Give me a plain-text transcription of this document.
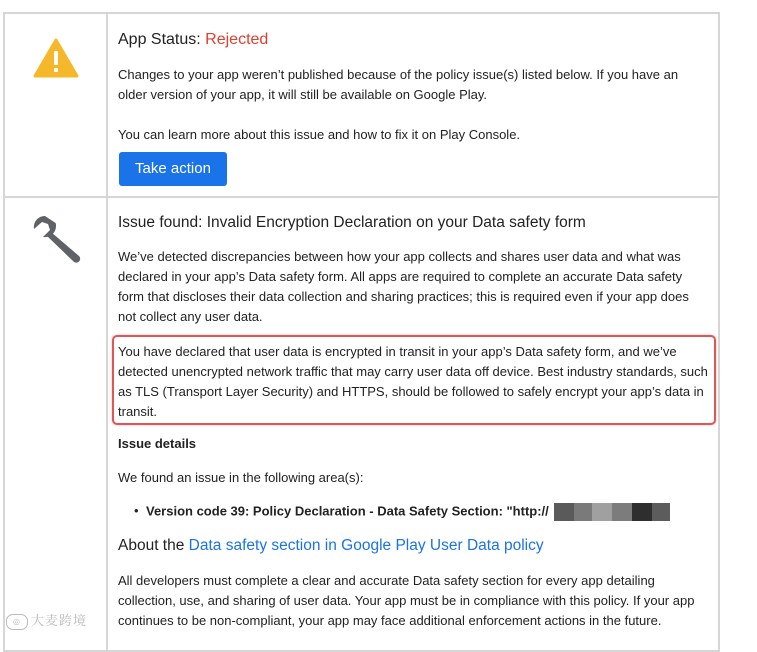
App Status: Rejected
Changes to your app weren’t published because of the policy issue(s) listed below. If you have an older version of your app, it will still be available on Google Play.
You can learn more about this issue and how to fix it on Play Console.
Take action
Issue found: Invalid Encryption Declaration on your Data safety form
We’ve detected discrepancies between how your app collects and shares user data and what was declared in your app’s Data safety form. All apps are required to complete an accurate Data safety form that discloses their data collection and sharing practices; this is required even if your app does not collect any user data.
You have declared that user data is encrypted in transit in your app’s Data safety form, and we’ve detected unencrypted network traffic that may carry user data off device. Best industry standards, such as TLS (Transport Layer Security) and HTTPS, should be followed to safely encrypt your app’s data in transit.
Issue details
We found an issue in the following area(s):
• Version code 39: Policy Declaration - Data Safety Section: "http://
About the Data safety section in Google Play User Data policy
All developers must complete a clear and accurate Data safety section for every app detailing collection, use, and sharing of user data. Your app must be in compliance with this policy. If your app continues to be non-compliant, your app may face additional enforcement actions in the future.
◎ 大麦跨境
